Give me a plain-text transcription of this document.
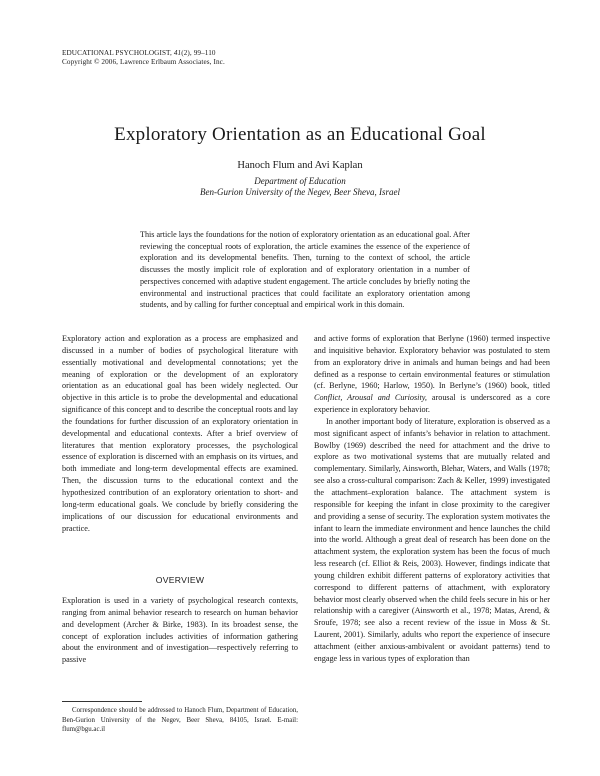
EDUCATIONAL PSYCHOLOGIST, 41(2), 99–110
Copyright © 2006, Lawrence Erlbaum Associates, Inc.
Exploratory Orientation as an Educational Goal
Hanoch Flum and Avi Kaplan
Department of Education
Ben-Gurion University of the Negev, Beer Sheva, Israel
This article lays the foundations for the notion of exploratory orientation as an educational goal. After reviewing the conceptual roots of exploration, the article examines the essence of the experience of exploration and its developmental benefits. Then, turning to the context of school, the article discusses the mostly implicit role of exploration and of exploratory orientation in a number of perspectives concerned with adaptive student engagement. The article concludes by briefly noting the environmental and instructional practices that could facilitate an exploratory orientation among students, and by calling for further conceptual and empirical work in this domain.

Exploratory action and exploration as a process are emphasized and discussed in a number of bodies of psychological literature with essentially motivational and developmental connotations; yet the meaning of exploration or the development of an exploratory orientation as an educational goal has been widely neglected. Our objective in this article is to probe the developmental and educational significance of this concept and to describe the conceptual roots and lay the foundations for further discussion of an exploratory orientation in developmental and educational contexts. After a brief overview of literatures that mention exploratory processes, the psychological essence of exploration is discerned with an emphasis on its virtues, and both immediate and long-term developmental effects are examined. Then, the discussion turns to the educational context and the hypothesized contribution of an exploratory orientation to short- and long-term educational goals. We conclude by briefly considering the implications of our discussion for educational environments and practice.

OVERVIEW

Exploration is used in a variety of psychological research contexts, ranging from animal behavior research to research on human behavior and development (Archer & Birke, 1983). In its broadest sense, the concept of exploration includes activities of information gathering about the environment and of investigation—respectively referring to passive

Correspondence should be addressed to Hanoch Flum, Department of Education, Ben-Gurion University of the Negev, Beer Sheva, 84105, Israel. E-mail: flum@bgu.ac.il

and active forms of exploration that Berlyne (1960) termed inspective and inquisitive behavior. Exploratory behavior was postulated to stem from an exploratory drive in animals and human beings and had been defined as a response to certain environmental features or stimulation (cf. Berlyne, 1960; Harlow, 1950). In Berlyne’s (1960) book, titled Conflict, Arousal and Curiosity, arousal is underscored as a core experience in exploratory behavior.

In another important body of literature, exploration is observed as a most significant aspect of infants’s behavior in relation to attachment. Bowlby (1969) described the need for attachment and the drive to explore as two motivational systems that are mutually related and complementary. Similarly, Ainsworth, Blehar, Waters, and Walls (1978; see also a cross-cultural comparison: Zach & Keller, 1999) investigated the attachment–exploration balance. The attachment system is responsible for keeping the infant in close proximity to the caregiver and providing a sense of security. The exploration system motivates the infant to learn the immediate environment and hence launches the child into the world. Although a great deal of research has been done on the attachment system, the exploration system has been the focus of much less research (cf. Elliot & Reis, 2003). However, findings indicate that young children exhibit different patterns of exploratory activities that correspond to different patterns of attachment, with exploratory behavior most clearly observed when the child feels secure in his or her relationship with a caregiver (Ainsworth et al., 1978; Matas, Arend, & Sroufe, 1978; see also a recent review of the issue in Moss & St. Laurent, 2001). Similarly, adults who report the experience of insecure attachment (either anxious-ambivalent or avoidant patterns) tend to engage less in various types of exploration than
